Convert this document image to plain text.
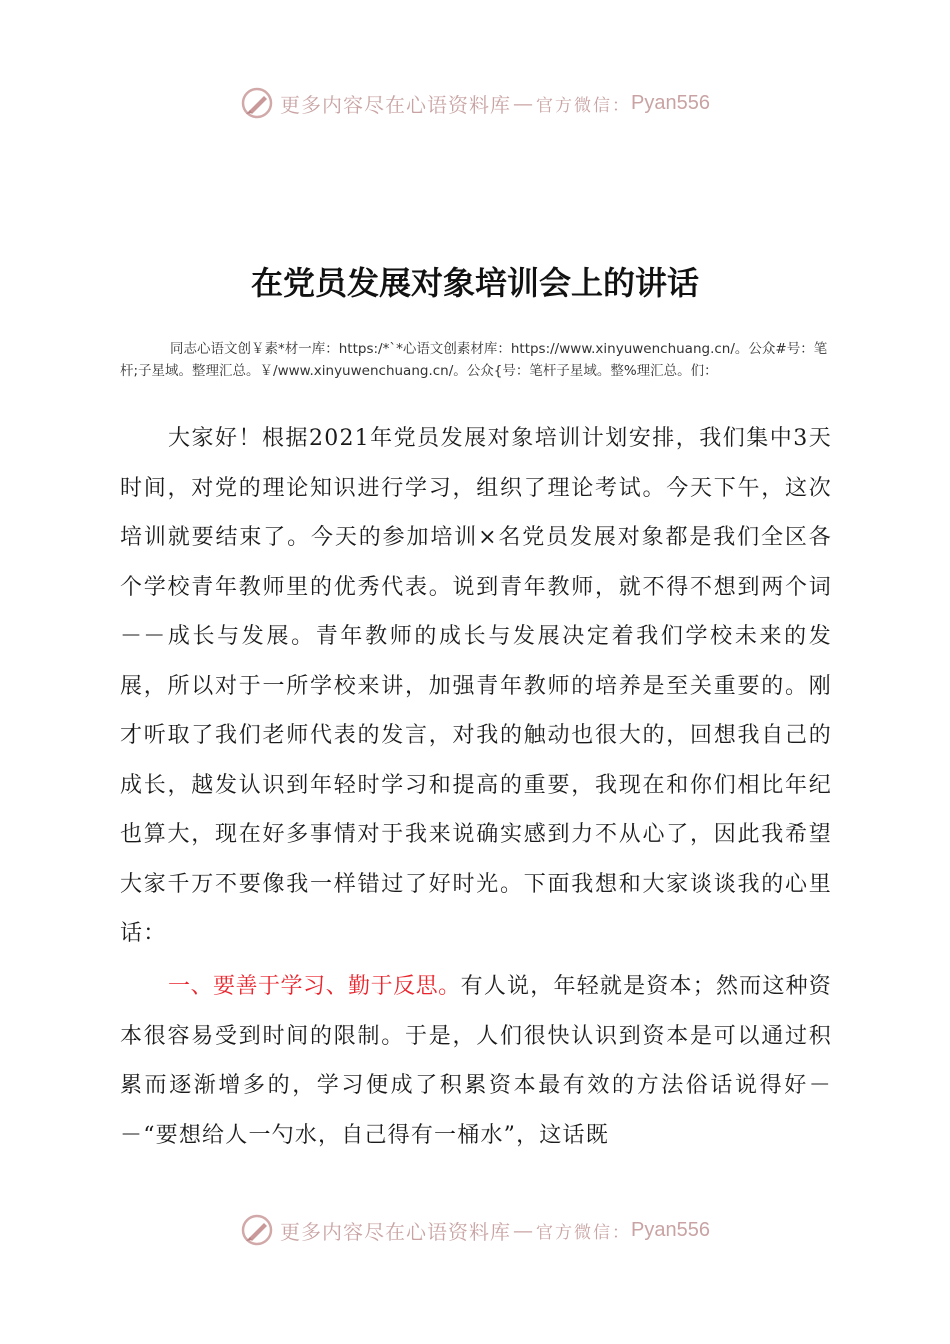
更多内容尽在心语资料库 — 官方微信： Pyan556
在党员发展对象培训会上的讲话
同志心语文创￥素*材一库：https:/*`*心语文创素材库：https://www.xinyuwenchuang.cn/。公众#号：笔杆;子星域。整理汇总。￥/www.xinyuwenchuang.cn/。公众{号：笔杆子星域。整%理汇总。们：

大家好！根据2021年党员发展对象培训计划安排，我们集中3天时间，对党的理论知识进行学习，组织了理论考试。今天下午，这次培训就要结束了。今天的参加培训×名党员发展对象都是我们全区各个学校青年教师里的优秀代表。说到青年教师，就不得不想到两个词－－成长与发展。青年教师的成长与发展决定着我们学校未来的发展，所以对于一所学校来讲，加强青年教师的培养是至关重要的。刚才听取了我们老师代表的发言，对我的触动也很大的，回想我自己的成长，越发认识到年轻时学习和提高的重要，我现在和你们相比年纪也算大，现在好多事情对于我来说确实感到力不从心了，因此我希望大家千万不要像我一样错过了好时光。下面我想和大家谈谈我的心里话：

一、要善于学习、勤于反思。有人说，年轻就是资本；然而这种资本很容易受到时间的限制。于是，人们很快认识到资本是可以通过积累而逐渐增多的，学习便成了积累资本最有效的方法俗话说得好－－“要想给人一勺水，自己得有一桶水”，这话既

更多内容尽在心语资料库 — 官方微信： Pyan556
